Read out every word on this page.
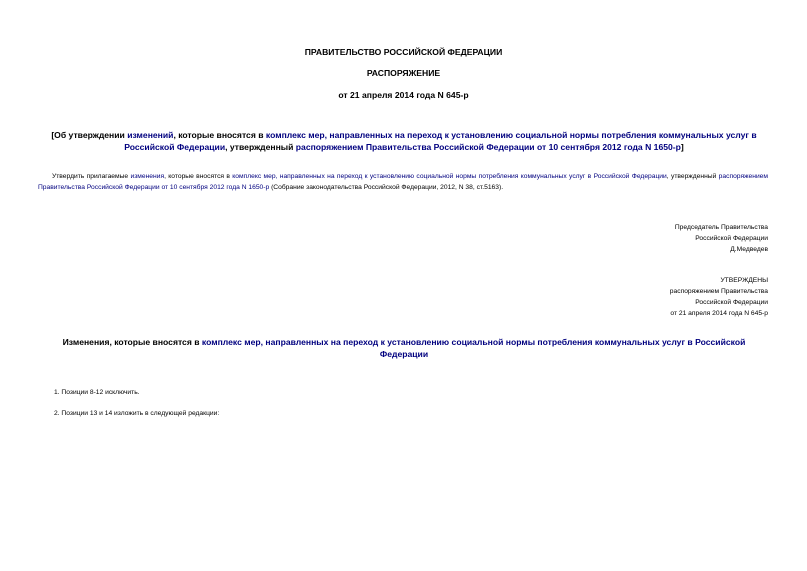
ПРАВИТЕЛЬСТВО РОССИЙСКОЙ ФЕДЕРАЦИИ
РАСПОРЯЖЕНИЕ
от 21 апреля 2014 года N 645-р
[Об утверждении изменений, которые вносятся в комплекс мер, направленных на переход к установлению социальной нормы потребления коммунальных услуг в Российской Федерации, утвержденный распоряжением Правительства Российской Федерации от 10 сентября 2012 года N 1650-р]
Утвердить прилагаемые изменения, которые вносятся в комплекс мер, направленных на переход к установлению социальной нормы потребления коммунальных услуг в Российской Федерации, утвержденный распоряжением Правительства Российской Федерации от 10 сентября 2012 года N 1650-р (Собрание законодательства Российской Федерации, 2012, N 38, ст.5163).
Председатель Правительства
Российской Федерации
Д.Медведев
УТВЕРЖДЕНЫ
распоряжением Правительства
Российской Федерации
от 21 апреля 2014 года N 645-р
Изменения, которые вносятся в комплекс мер, направленных на переход к установлению социальной нормы потребления коммунальных услуг в Российской Федерации
1. Позиции 8-12 исключить.
2. Позиции 13 и 14 изложить в следующей редакции:
